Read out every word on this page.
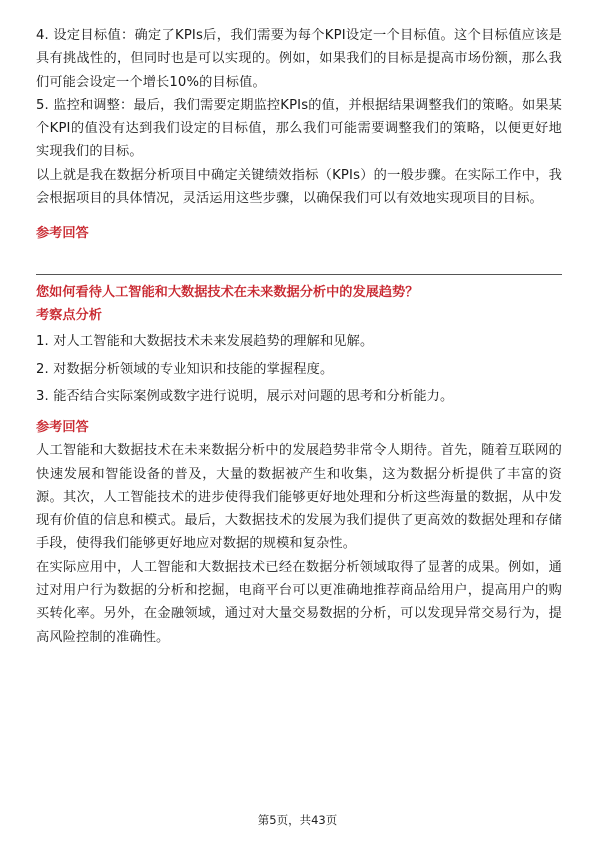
4. 设定目标值：确定了KPIs后，我们需要为每个KPI设定一个目标值。这个目标值应该是具有挑战性的，但同时也是可以实现的。例如，如果我们的目标是提高市场份额，那么我们可能会设定一个增长10%的目标值。

5. 监控和调整：最后，我们需要定期监控KPIs的值，并根据结果调整我们的策略。如果某个KPI的值没有达到我们设定的目标值，那么我们可能需要调整我们的策略，以便更好地实现我们的目标。

以上就是我在数据分析项目中确定关键绩效指标（KPIs）的一般步骤。在实际工作中，我会根据项目的具体情况，灵活运用这些步骤，以确保我们可以有效地实现项目的目标。

参考回答

您如何看待人工智能和大数据技术在未来数据分析中的发展趋势？

考察点分析

1. 对人工智能和大数据技术未来发展趋势的理解和见解。

2. 对数据分析领域的专业知识和技能的掌握程度。

3. 能否结合实际案例或数字进行说明，展示对问题的思考和分析能力。

参考回答

人工智能和大数据技术在未来数据分析中的发展趋势非常令人期待。首先，随着互联网的快速发展和智能设备的普及，大量的数据被产生和收集，这为数据分析提供了丰富的资源。其次，人工智能技术的进步使得我们能够更好地处理和分析这些海量的数据，从中发现有价值的信息和模式。最后，大数据技术的发展为我们提供了更高效的数据处理和存储手段，使得我们能够更好地应对数据的规模和复杂性。

在实际应用中，人工智能和大数据技术已经在数据分析领域取得了显著的成果。例如，通过对用户行为数据的分析和挖掘，电商平台可以更准确地推荐商品给用户，提高用户的购买转化率。另外，在金融领域，通过对大量交易数据的分析，可以发现异常交易行为，提高风险控制的准确性。

第5页，共43页
